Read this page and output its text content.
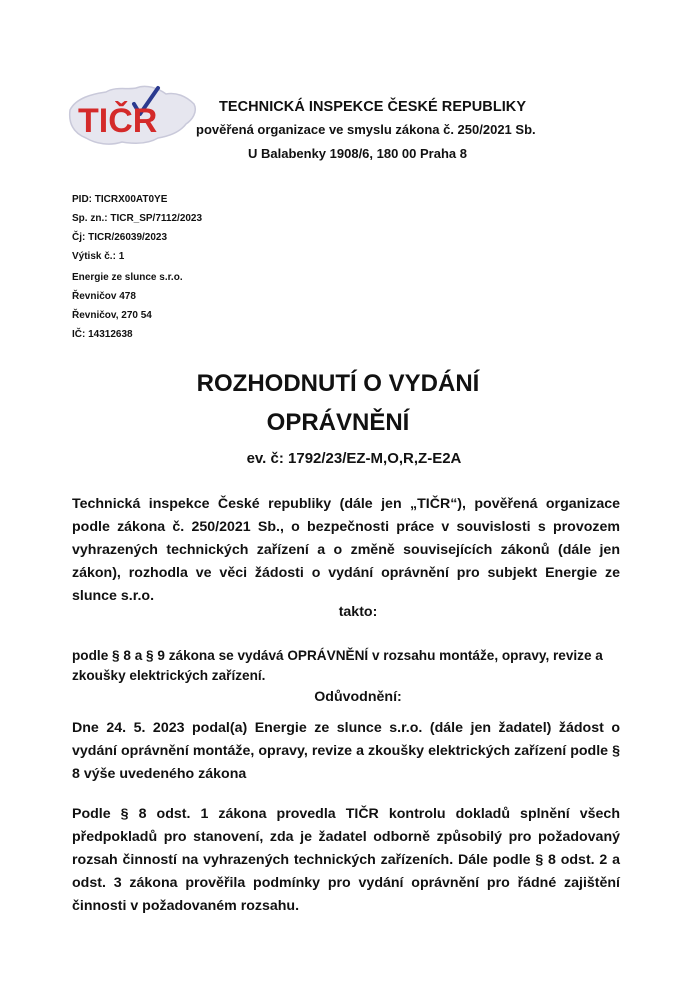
TIČR	TECHNICKÁ INSPEKCE ČESKÉ REPUBLIKY
pověřená organizace ve smyslu zákona č. 250/2021 Sb.
U Balabenky 1908/6, 180 00 Praha 8
PID: TICRX00AT0YE
Sp. zn.: TICR_SP/7112/2023
Čj: TICR/26039/2023
Výtisk č.: 1
Energie ze slunce s.r.o.
Řevničov 478
Řevničov, 270 54
IČ: 14312638
ROZHODNUTÍ O VYDÁNÍ
OPRÁVNĚNÍ
ev. č: 1792/23/EZ-M,O,R,Z-E2A
Technická inspekce České republiky (dále jen „TIČR“), pověřená organizace podle zákona č. 250/2021 Sb., o bezpečnosti práce v souvislosti s provozem vyhrazených technických zařízení a o změně souvisejících zákonů (dále jen zákon), rozhodla ve věci žádosti o vydání oprávnění pro subjekt Energie ze slunce s.r.o.
takto:
podle § 8 a § 9 zákona se vydává OPRÁVNĚNÍ v rozsahu montáže, opravy, revize a zkoušky elektrických zařízení.
Odůvodnění:
Dne 24. 5. 2023 podal(a) Energie ze slunce s.r.o. (dále jen žadatel) žádost o vydání oprávnění montáže, opravy, revize a zkoušky elektrických zařízení podle § 8 výše uvedeného zákona
Podle § 8 odst. 1 zákona provedla TIČR kontrolu dokladů splnění všech předpokladů pro stanovení, zda je žadatel odborně způsobilý pro požadovaný rozsah činností na vyhrazených technických zařízeních. Dále podle § 8 odst. 2 a odst. 3 zákona prověřila podmínky pro vydání oprávnění pro řádné zajištění činnosti v požadovaném rozsahu.
